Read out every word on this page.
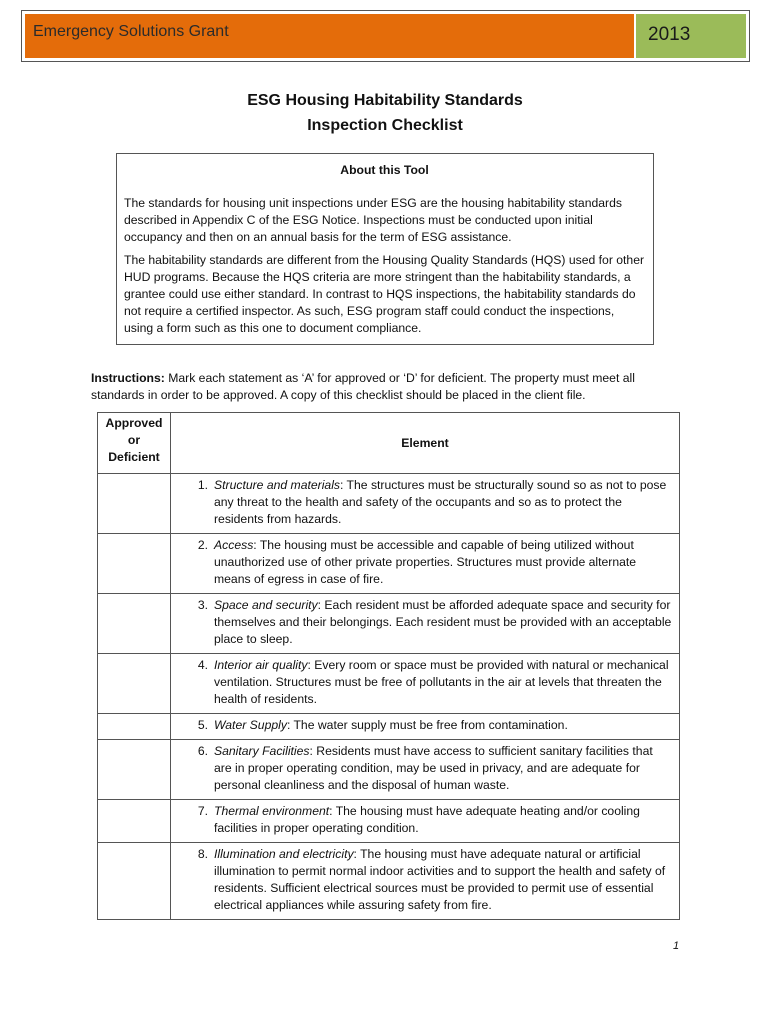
Emergency Solutions Grant	2013
ESG Housing Habitability Standards
Inspection Checklist
About this Tool

The standards for housing unit inspections under ESG are the housing habitability standards described in Appendix C of the ESG Notice. Inspections must be conducted upon initial occupancy and then on an annual basis for the term of ESG assistance.

The habitability standards are different from the Housing Quality Standards (HQS) used for other HUD programs. Because the HQS criteria are more stringent than the habitability standards, a grantee could use either standard. In contrast to HQS inspections, the habitability standards do not require a certified inspector. As such, ESG program staff could conduct the inspections, using a form such as this one to document compliance.

Instructions: Mark each statement as ‘A’ for approved or ‘D’ for deficient. The property must meet all standards in order to be approved. A copy of this checklist should be placed in the client file.
Approved
or
Deficient	Element

	1. Structure and materials: The structures must be structurally sound so as not to pose any threat to the health and safety of the occupants and so as to protect the residents from hazards.

	2. Access: The housing must be accessible and capable of being utilized without unauthorized use of other private properties. Structures must provide alternate means of egress in case of fire.

	3. Space and security: Each resident must be afforded adequate space and security for themselves and their belongings. Each resident must be provided with an acceptable place to sleep.

	4. Interior air quality: Every room or space must be provided with natural or mechanical ventilation. Structures must be free of pollutants in the air at levels that threaten the health of residents.

	5. Water Supply: The water supply must be free from contamination.

	6. Sanitary Facilities: Residents must have access to sufficient sanitary facilities that are in proper operating condition, may be used in privacy, and are adequate for personal cleanliness and the disposal of human waste.

	7. Thermal environment: The housing must have adequate heating and/or cooling facilities in proper operating condition.

	8. Illumination and electricity: The housing must have adequate natural or artificial illumination to permit normal indoor activities and to support the health and safety of residents. Sufficient electrical sources must be provided to permit use of essential electrical appliances while assuring safety from fire.
1
